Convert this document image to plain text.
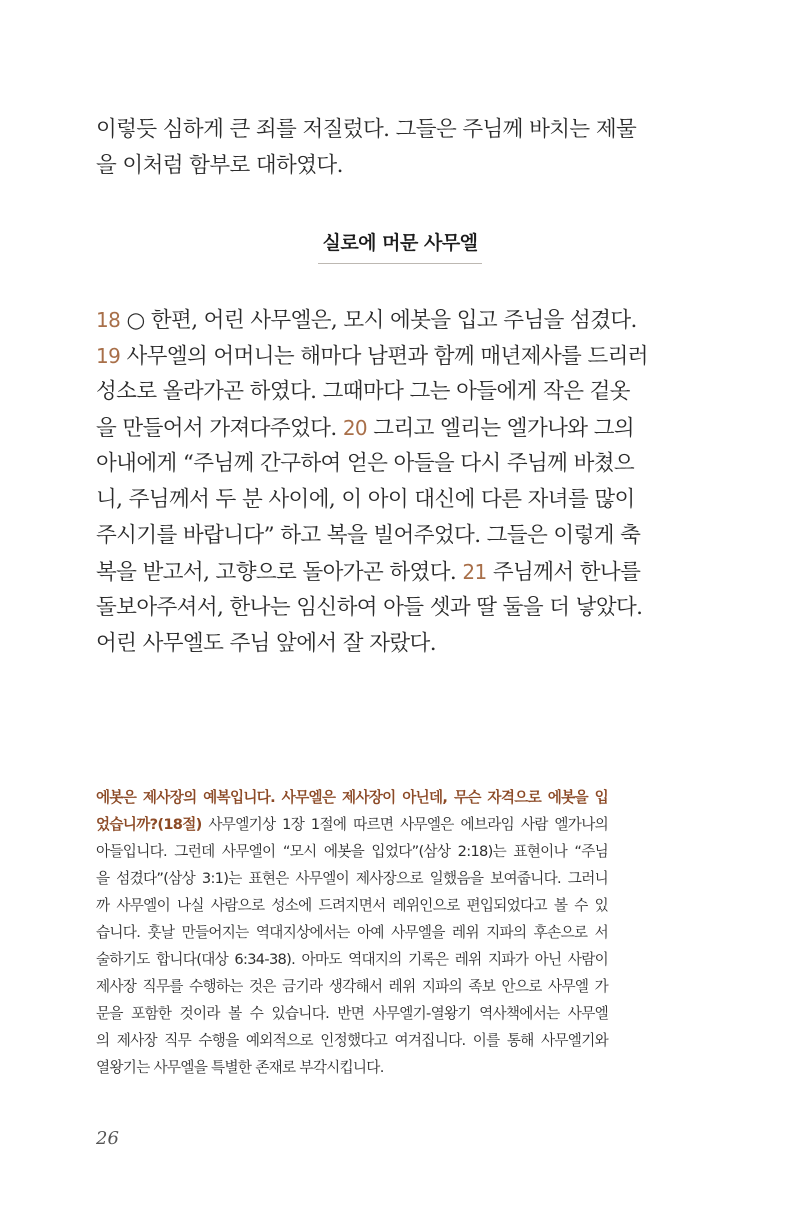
이렇듯 심하게 큰 죄를 저질렀다. 그들은 주님께 바치는 제물
을 이처럼 함부로 대하였다.
실로에 머문 사무엘
18 ○ 한편, 어린 사무엘은, 모시 에봇을 입고 주님을 섬겼다.
19 사무엘의 어머니는 해마다 남편과 함께 매년제사를 드리러
성소로 올라가곤 하였다. 그때마다 그는 아들에게 작은 겉옷
을 만들어서 가져다주었다. 20 그리고 엘리는 엘가나와 그의
아내에게 “주님께 간구하여 얻은 아들을 다시 주님께 바쳤으
니, 주님께서 두 분 사이에, 이 아이 대신에 다른 자녀를 많이
주시기를 바랍니다” 하고 복을 빌어주었다. 그들은 이렇게 축
복을 받고서, 고향으로 돌아가곤 하였다. 21 주님께서 한나를
돌보아주셔서, 한나는 임신하여 아들 셋과 딸 둘을 더 낳았다.
어린 사무엘도 주님 앞에서 잘 자랐다.
에봇은 제사장의 예복입니다. 사무엘은 제사장이 아닌데, 무슨 자격으로 에봇을 입
었습니까?(18절) 사무엘기상 1장 1절에 따르면 사무엘은 에브라임 사람 엘가나의
아들입니다. 그런데 사무엘이 “모시 에봇을 입었다”(삼상 2:18)는 표현이나 “주님
을 섬겼다”(삼상 3:1)는 표현은 사무엘이 제사장으로 일했음을 보여줍니다. 그러니
까 사무엘이 나실 사람으로 성소에 드려지면서 레위인으로 편입되었다고 볼 수 있
습니다. 훗날 만들어지는 역대지상에서는 아예 사무엘을 레위 지파의 후손으로 서
술하기도 합니다(대상 6:34-38). 아마도 역대지의 기록은 레위 지파가 아닌 사람이
제사장 직무를 수행하는 것은 금기라 생각해서 레위 지파의 족보 안으로 사무엘 가
문을 포함한 것이라 볼 수 있습니다. 반면 사무엘기-열왕기 역사책에서는 사무엘
의 제사장 직무 수행을 예외적으로 인정했다고 여겨집니다. 이를 통해 사무엘기와
열왕기는 사무엘을 특별한 존재로 부각시킵니다.
26
